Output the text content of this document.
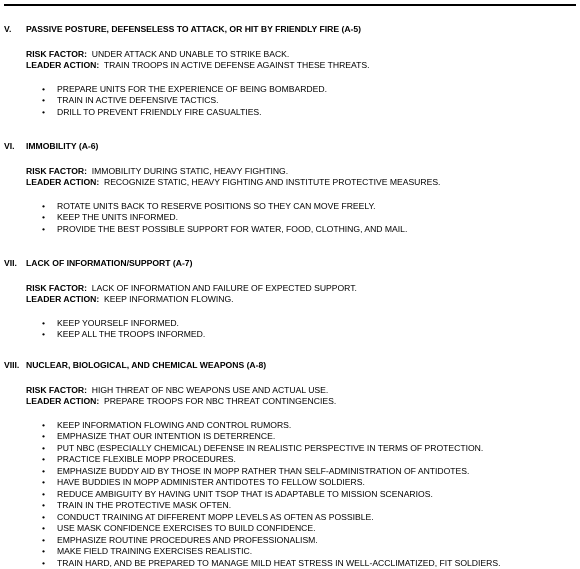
V.	PASSIVE POSTURE, DEFENSELESS TO ATTACK, OR HIT BY FRIENDLY FIRE (A-5)
RISK FACTOR: UNDER ATTACK AND UNABLE TO STRIKE BACK.
LEADER ACTION: TRAIN TROOPS IN ACTIVE DEFENSE AGAINST THESE THREATS.
• PREPARE UNITS FOR THE EXPERIENCE OF BEING BOMBARDED.
• TRAIN IN ACTIVE DEFENSIVE TACTICS.
• DRILL TO PREVENT FRIENDLY FIRE CASUALTIES.
VI.	IMMOBILITY (A-6)
RISK FACTOR: IMMOBILITY DURING STATIC, HEAVY FIGHTING.
LEADER ACTION: RECOGNIZE STATIC, HEAVY FIGHTING AND INSTITUTE PROTECTIVE MEASURES.
• ROTATE UNITS BACK TO RESERVE POSITIONS SO THEY CAN MOVE FREELY.
• KEEP THE UNITS INFORMED.
• PROVIDE THE BEST POSSIBLE SUPPORT FOR WATER, FOOD, CLOTHING, AND MAIL.
VII.	LACK OF INFORMATION/SUPPORT (A-7)
RISK FACTOR: LACK OF INFORMATION AND FAILURE OF EXPECTED SUPPORT.
LEADER ACTION: KEEP INFORMATION FLOWING.
• KEEP YOURSELF INFORMED.
• KEEP ALL THE TROOPS INFORMED.
VIII. NUCLEAR, BIOLOGICAL, AND CHEMICAL WEAPONS (A-8)
RISK FACTOR: HIGH THREAT OF NBC WEAPONS USE AND ACTUAL USE.
LEADER ACTION: PREPARE TROOPS FOR NBC THREAT CONTINGENCIES.
• KEEP INFORMATION FLOWING AND CONTROL RUMORS.
• EMPHASIZE THAT OUR INTENTION IS DETERRENCE.
• PUT NBC (ESPECIALLY CHEMICAL) DEFENSE IN REALISTIC PERSPECTIVE IN TERMS OF PROTECTION.
• PRACTICE FLEXIBLE MOPP PROCEDURES.
• EMPHASIZE BUDDY AID BY THOSE IN MOPP RATHER THAN SELF-ADMINISTRATION OF ANTIDOTES.
• HAVE BUDDIES IN MOPP ADMINISTER ANTIDOTES TO FELLOW SOLDIERS.
• REDUCE AMBIGUITY BY HAVING UNIT TSOP THAT IS ADAPTABLE TO MISSION SCENARIOS.
• TRAIN IN THE PROTECTIVE MASK OFTEN.
• CONDUCT TRAINING AT DIFFERENT MOPP LEVELS AS OFTEN AS POSSIBLE.
• USE MASK CONFIDENCE EXERCISES TO BUILD CONFIDENCE.
• EMPHASIZE ROUTINE PROCEDURES AND PROFESSIONALISM.
• MAKE FIELD TRAINING EXERCISES REALISTIC.
• TRAIN HARD, AND BE PREPARED TO MANAGE MILD HEAT STRESS IN WELL-ACCLIMATIZED, FIT SOLDIERS.
